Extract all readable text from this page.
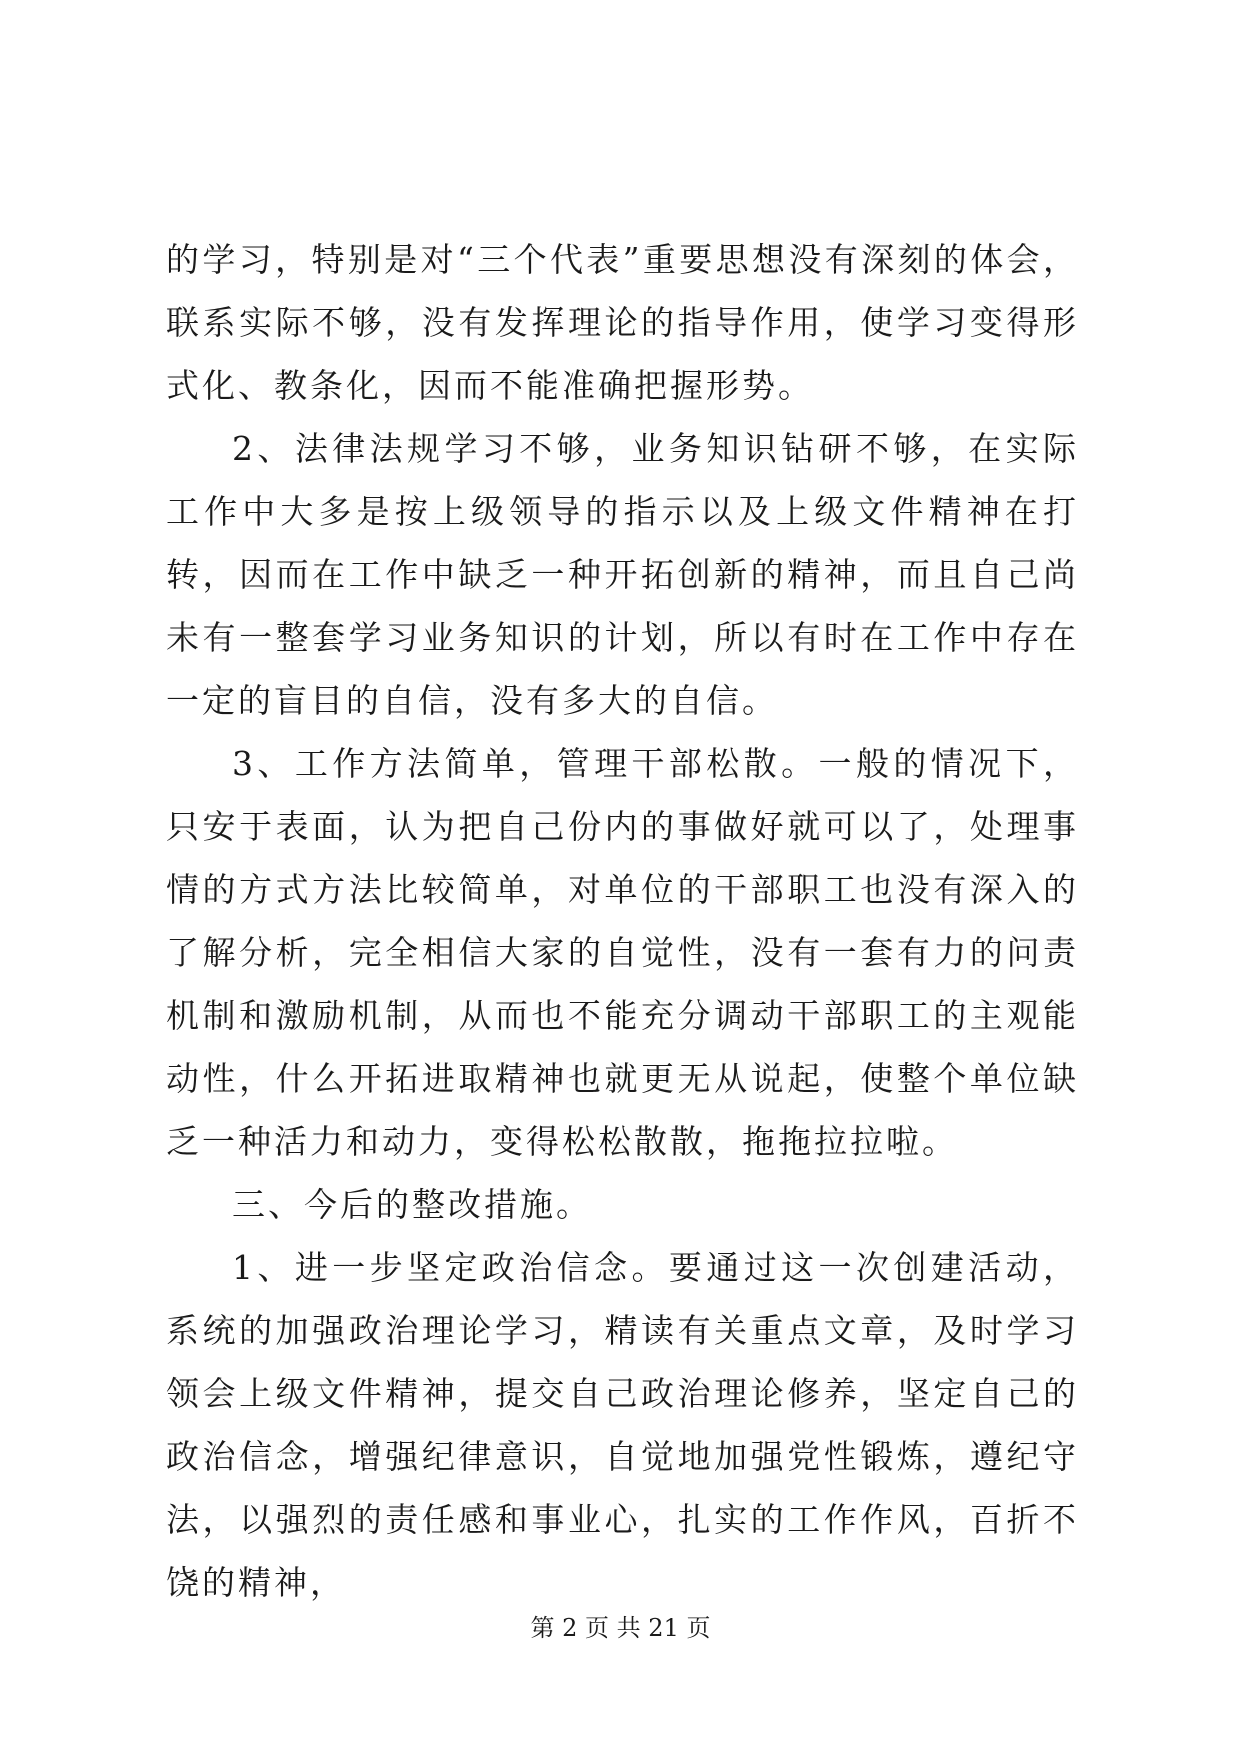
的学习，特别是对“三个代表”重要思想没有深刻的体会，联系实际不够，没有发挥理论的指导作用，使学习变得形式化、教条化，因而不能准确把握形势。

2、法律法规学习不够，业务知识钻研不够，在实际工作中大多是按上级领导的指示以及上级文件精神在打转，因而在工作中缺乏一种开拓创新的精神，而且自己尚未有一整套学习业务知识的计划，所以有时在工作中存在一定的盲目的自信，没有多大的自信。

3、工作方法简单，管理干部松散。一般的情况下，只安于表面，认为把自己份内的事做好就可以了，处理事情的方式方法比较简单，对单位的干部职工也没有深入的了解分析，完全相信大家的自觉性，没有一套有力的问责机制和激励机制，从而也不能充分调动干部职工的主观能动性，什么开拓进取精神也就更无从说起，使整个单位缺乏一种活力和动力，变得松松散散，拖拖拉拉啦。

三、今后的整改措施。

1、进一步坚定政治信念。要通过这一次创建活动，系统的加强政治理论学习，精读有关重点文章，及时学习领会上级文件精神，提交自己政治理论修养，坚定自己的政治信念，增强纪律意识，自觉地加强党性锻炼，遵纪守法，以强烈的责任感和事业心，扎实的工作作风，百折不饶的精神，

第 2 页 共 21 页
